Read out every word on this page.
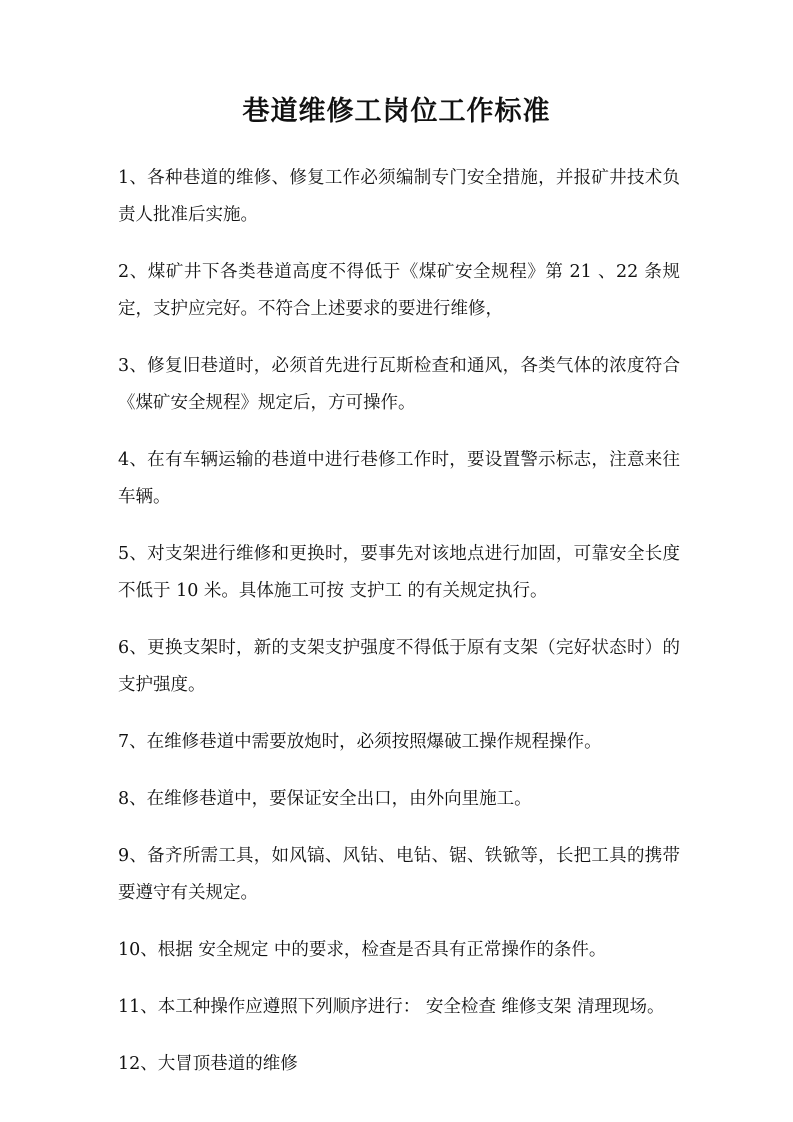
巷道维修工岗位工作标准

1、各种巷道的维修、修复工作必须编制专门安全措施，并报矿井技术负责人批准后实施。

2、煤矿井下各类巷道高度不得低于《煤矿安全规程》第 21 、22 条规定，支护应完好。不符合上述要求的要进行维修，

3、修复旧巷道时，必须首先进行瓦斯检查和通风，各类气体的浓度符合《煤矿安全规程》规定后，方可操作。

4、在有车辆运输的巷道中进行巷修工作时，要设置警示标志，注意来往车辆。

5、对支架进行维修和更换时，要事先对该地点进行加固，可靠安全长度不低于 10 米。具体施工可按 支护工 的有关规定执行。

6、更换支架时，新的支架支护强度不得低于原有支架（完好状态时）的支护强度。

7、在维修巷道中需要放炮时，必须按照爆破工操作规程操作。

8、在维修巷道中，要保证安全出口，由外向里施工。

9、备齐所需工具，如风镐、风钻、电钻、锯、铁锨等，长把工具的携带要遵守有关规定。

10、根据 安全规定 中的要求，检查是否具有正常操作的条件。

11、本工种操作应遵照下列顺序进行： 安全检查 维修支架 清理现场。

12、大冒顶巷道的维修
